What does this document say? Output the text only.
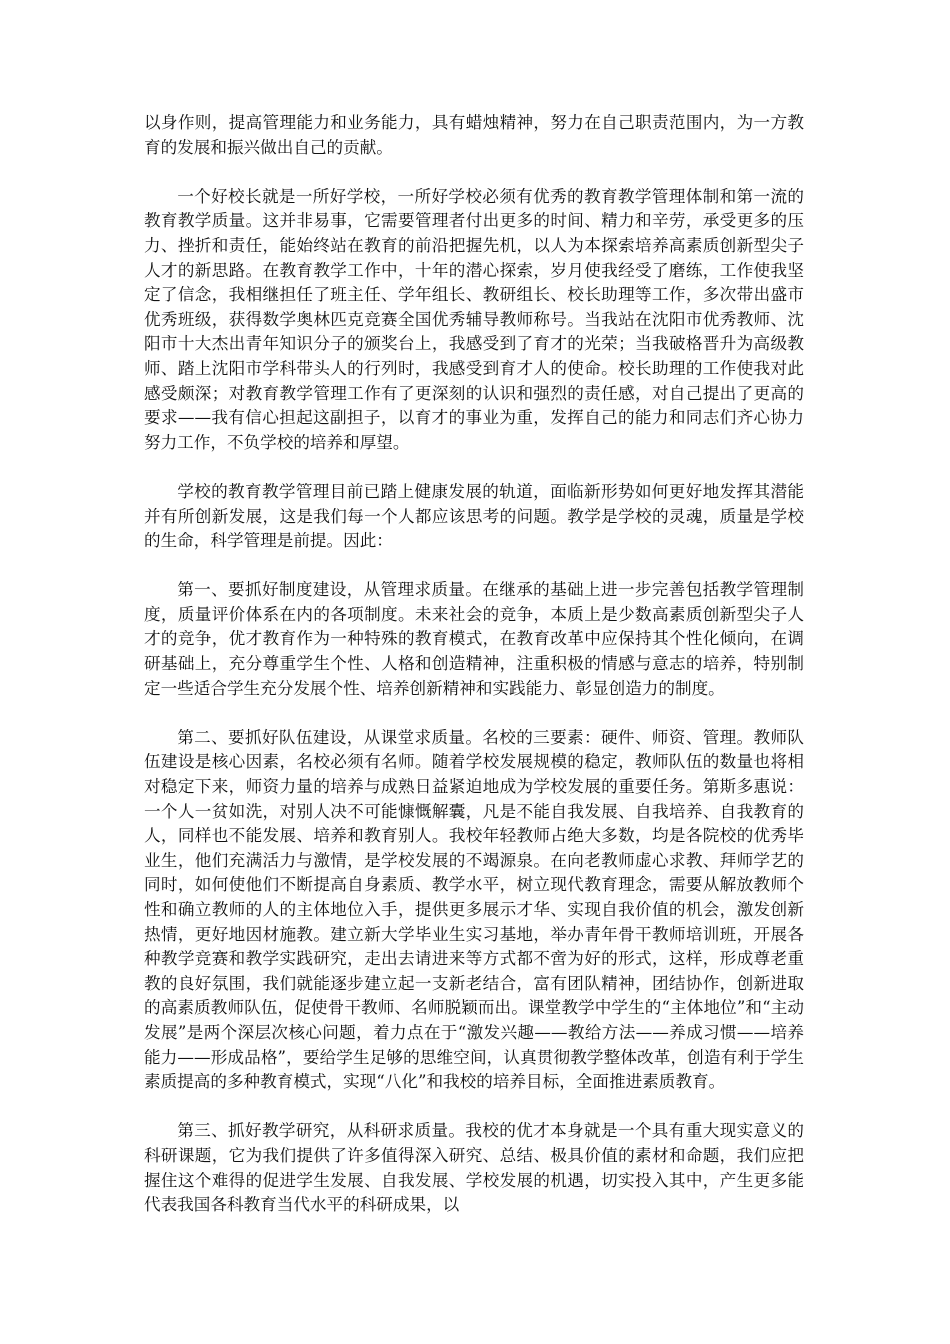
以身作则，提高管理能力和业务能力，具有蜡烛精神，努力在自己职责范围内，为一方教育的发展和振兴做出自己的贡献。

一个好校长就是一所好学校，一所好学校必须有优秀的教育教学管理体制和第一流的教育教学质量。这并非易事，它需要管理者付出更多的时间、精力和辛劳，承受更多的压力、挫折和责任，能始终站在教育的前沿把握先机，以人为本探索培养高素质创新型尖子人才的新思路。在教育教学工作中，十年的潜心探索，岁月使我经受了磨练，工作使我坚定了信念，我相继担任了班主任、学年组长、教研组长、校长助理等工作，多次带出盛市优秀班级，获得数学奥林匹克竞赛全国优秀辅导教师称号。当我站在沈阳市优秀教师、沈阳市十大杰出青年知识分子的颁奖台上，我感受到了育才的光荣；当我破格晋升为高级教师、踏上沈阳市学科带头人的行列时，我感受到育才人的使命。校长助理的工作使我对此感受颇深；对教育教学管理工作有了更深刻的认识和强烈的责任感，对自己提出了更高的要求——我有信心担起这副担子，以育才的事业为重，发挥自己的能力和同志们齐心协力努力工作，不负学校的培养和厚望。

学校的教育教学管理目前已踏上健康发展的轨道，面临新形势如何更好地发挥其潜能并有所创新发展，这是我们每一个人都应该思考的问题。教学是学校的灵魂，质量是学校的生命，科学管理是前提。因此：

第一、要抓好制度建设，从管理求质量。在继承的基础上进一步完善包括教学管理制度，质量评价体系在内的各项制度。未来社会的竞争，本质上是少数高素质创新型尖子人才的竞争，优才教育作为一种特殊的教育模式，在教育改革中应保持其个性化倾向，在调研基础上，充分尊重学生个性、人格和创造精神，注重积极的情感与意志的培养，特别制定一些适合学生充分发展个性、培养创新精神和实践能力、彰显创造力的制度。

第二、要抓好队伍建设，从课堂求质量。名校的三要素：硬件、师资、管理。教师队伍建设是核心因素，名校必须有名师。随着学校发展规模的稳定，教师队伍的数量也将相对稳定下来，师资力量的培养与成熟日益紧迫地成为学校发展的重要任务。第斯多惠说：一个人一贫如洗，对别人决不可能慷慨解囊，凡是不能自我发展、自我培养、自我教育的人，同样也不能发展、培养和教育别人。我校年轻教师占绝大多数，均是各院校的优秀毕业生，他们充满活力与激情，是学校发展的不竭源泉。在向老教师虚心求教、拜师学艺的同时，如何使他们不断提高自身素质、教学水平，树立现代教育理念，需要从解放教师个性和确立教师的人的主体地位入手，提供更多展示才华、实现自我价值的机会，激发创新热情，更好地因材施教。建立新大学毕业生实习基地，举办青年骨干教师培训班，开展各种教学竞赛和教学实践研究，走出去请进来等方式都不啻为好的形式，这样，形成尊老重教的良好氛围，我们就能逐步建立起一支新老结合，富有团队精神，团结协作，创新进取的高素质教师队伍，促使骨干教师、名师脱颖而出。课堂教学中学生的“主体地位”和“主动发展”是两个深层次核心问题，着力点在于“激发兴趣——教给方法——养成习惯——培养能力——形成品格”，要给学生足够的思维空间，认真贯彻教学整体改革，创造有利于学生素质提高的多种教育模式，实现“八化”和我校的培养目标，全面推进素质教育。

第三、抓好教学研究，从科研求质量。我校的优才本身就是一个具有重大现实意义的科研课题，它为我们提供了许多值得深入研究、总结、极具价值的素材和命题，我们应把握住这个难得的促进学生发展、自我发展、学校发展的机遇，切实投入其中，产生更多能代表我国各科教育当代水平的科研成果，以
